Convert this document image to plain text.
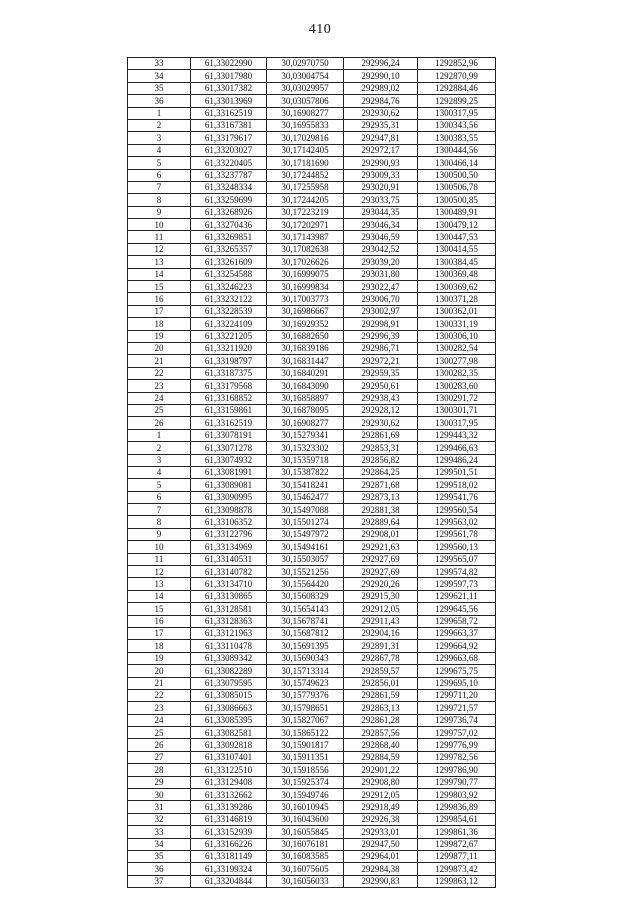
410
33	61,33022990	30,02970750	292996,24	1292852,96
34	61,33017980	30,03004754	292990,10	1292870,99
35	61,33017382	30,03029957	292989,02	1292884,46
36	61,33013969	30,03057806	292984,76	1292899,25
1	61,33162519	30,16908277	292930,62	1300317,95
2	61,33167381	30,16955833	292935,31	1300343,56
3	61,33179617	30,17029816	292947,81	1300383,55
4	61,33203027	30,17142405	292972,17	1300444,56
5	61,33220405	30,17181690	292990,93	1300466,14
6	61,33237787	30,17244852	293009,33	1300500,50
7	61,33248334	30,17255958	293020,91	1300506,78
8	61,33259699	30,17244205	293033,75	1300500,85
9	61,33268926	30,17223219	293044,35	1300489,91
10	61,33270436	30,17202971	293046,34	1300479,12
11	61,33269851	30,17143987	293046,59	1300447,53
12	61,33265357	30,17082638	293042,52	1300414,55
13	61,33261609	30,17026626	293039,20	1300384,45
14	61,33254588	30,16999075	293031,80	1300369,48
15	61,33246223	30,16999834	293022,47	1300369,62
16	61,33232122	30,17003773	293006,70	1300371,28
17	61,33228539	30,16986667	293002,97	1300362,01
18	61,33224109	30,16929352	292998,91	1300331,19
19	61,33221205	30,16882650	292996,39	1300306,10
20	61,33211920	30,16839186	292986,71	1300282,54
21	61,33198797	30,16831447	292972,21	1300277,98
22	61,33187375	30,16840291	292959,35	1300282,35
23	61,33179568	30,16843090	292950,61	1300283,60
24	61,33168852	30,16858897	292938,43	1300291,72
25	61,33159861	30,16878095	292928,12	1300301,71
26	61,33162519	30,16908277	292930,62	1300317,95
1	61,33078191	30,15279341	292861,69	1299443,32
2	61,33071278	30,15323302	292853,31	1299466,63
3	61,33074932	30,15359718	292856,82	1299486,24
4	61,33081991	30,15387822	292864,25	1299501,51
5	61,33089081	30,15418241	292871,68	1299518,02
6	61,33090995	30,15462477	292873,13	1299541,76
7	61,33098878	30,15497088	292881,38	1299560,54
8	61,33106352	30,15501274	292889,64	1299563,02
9	61,33122796	30,15497972	292908,01	1299561,78
10	61,33134969	30,15494161	292921,63	1299560,13
11	61,33140531	30,15503057	292927,69	1299565,07
12	61,33140782	30,15521256	292927,69	1299574,82
13	61,33134710	30,15564420	292920,26	1299597,73
14	61,33130865	30,15608329	292915,30	1299621,11
15	61,33128581	30,15654143	292912,05	1299645,56
16	61,33128363	30,15678741	292911,43	1299658,72
17	61,33121963	30,15687812	292904,16	1299663,37
18	61,33110478	30,15691395	292891,31	1299664,92
19	61,33089342	30,15690343	292867,78	1299663,68
20	61,33082289	30,15713314	292859,57	1299675,75
21	61,33079595	30,15749623	292856,01	1299695,10
22	61,33085015	30,15779376	292861,59	1299711,20
23	61,33086663	30,15798651	292863,13	1299721,57
24	61,33085395	30,15827067	292861,28	1299736,74
25	61,33082581	30,15865122	292857,56	1299757,02
26	61,33092818	30,15901817	292868,40	1299776,99
27	61,33107401	30,15911351	292884,59	1299782,56
28	61,33122510	30,15918556	292901,22	1299786,90
29	61,33129408	30,15925374	292908,80	1299790,77
30	61,33132662	30,15949746	292912,05	1299803,92
31	61,33139286	30,16010945	292918,49	1299836,89
32	61,33146819	30,16043600	292926,38	1299854,61
33	61,33152939	30,16055845	292933,01	1299861,36
34	61,33166226	30,16076181	292947,50	1299872,67
35	61,33181149	30,16083585	292964,01	1299877,11
36	61,33199324	30,16075605	292984,38	1299873,42
37	61,33204844	30,16056033	292990,83	1299863,12
